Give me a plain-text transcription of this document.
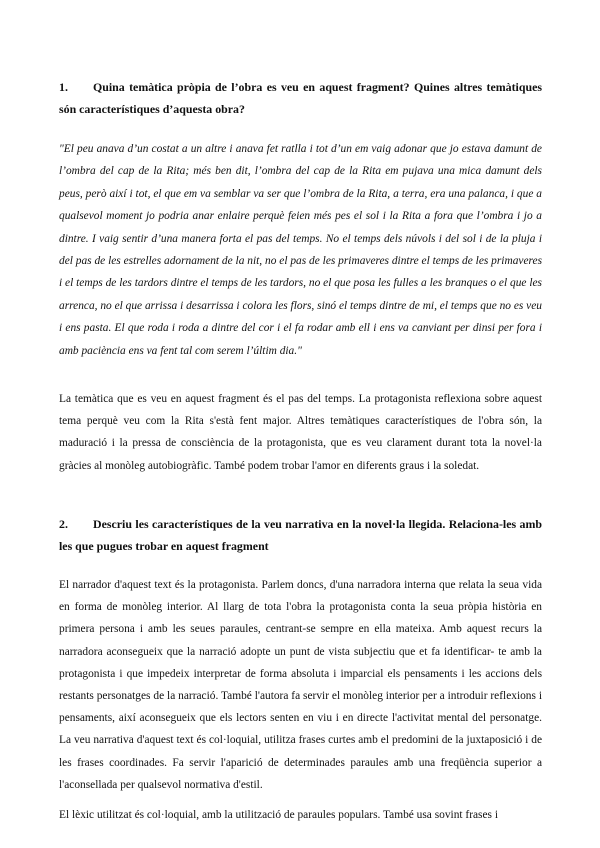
1. Quina temàtica pròpia de l’obra es veu en aquest fragment? Quines altres temàtiques són característiques d’aquesta obra?

"El peu anava d’un costat a un altre i anava fet ratlla i tot d’un em vaig adonar que jo estava damunt de l’ombra del cap de la Rita; més ben dit, l’ombra del cap de la Rita em pujava una mica damunt dels peus, però així i tot, el que em va semblar va ser que l’ombra de la Rita, a terra, era una palanca, i que a qualsevol moment jo podria anar enlaire perquè feien més pes el sol i la Rita a fora que l’ombra i jo a dintre. I vaig sentir d’una manera forta el pas del temps. No el temps dels núvols i del sol i de la pluja i del pas de les estrelles adornament de la nit, no el pas de les primaveres dintre el temps de les primaveres i el temps de les tardors dintre el temps de les tardors, no el que posa les fulles a les branques o el que les arrenca, no el que arrissa i desarrissa i colora les flors, sinó el temps dintre de mi, el temps que no es veu i ens pasta. El que roda i roda a dintre del cor i el fa rodar amb ell i ens va canviant per dinsi per fora i amb paciència ens va fent tal com serem l’últim dia."

La temàtica que es veu en aquest fragment és el pas del temps. La protagonista reflexiona sobre aquest tema perquè veu com la Rita s'està fent major. Altres temàtiques característiques de l'obra són, la maduració i la pressa de consciència de la protagonista, que es veu clarament durant tota la novel·la gràcies al monòleg autobiogràfic. També podem trobar l'amor en diferents graus i la soledat.

2. Descriu les característiques de la veu narrativa en la novel·la llegida. Relaciona-les amb les que pugues trobar en aquest fragment

El narrador d'aquest text és la protagonista. Parlem doncs, d'una narradora interna que relata la seua vida en forma de monòleg interior. Al llarg de tota l'obra la protagonista conta la seua pròpia història en primera persona i amb les seues paraules, centrant-se sempre en ella mateixa. Amb aquest recurs la narradora aconsegueix que la narració adopte un punt de vista subjectiu que et fa identificar- te amb la protagonista i que impedeix interpretar de forma absoluta i imparcial els pensaments i les accions dels restants personatges de la narració. També l'autora fa servir el monòleg interior per a introduir reflexions i pensaments, així aconsegueix que els lectors senten en viu i en directe l'activitat mental del personatge. La veu narrativa d'aquest text és col·loquial, utilitza frases curtes amb el predomini de la juxtaposició i de les frases coordinades. Fa servir l'aparició de determinades paraules amb una freqüència superior a l'aconsellada per qualsevol normativa d'estil.

El lèxic utilitzat és col·loquial, amb la utilització de paraules populars. També usa sovint frases i
